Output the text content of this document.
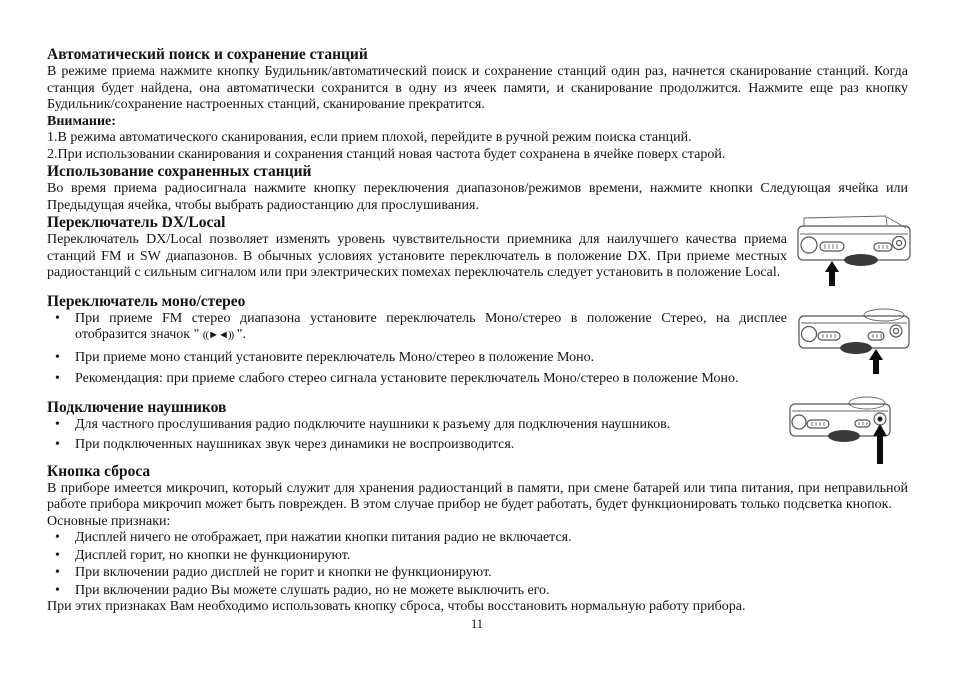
Автоматический поиск и сохранение станций

В режиме приема нажмите кнопку Будильник/автоматический поиск и сохранение станций один раз, начнется сканирование станций. Когда станция будет найдена, она автоматически сохранится в одну из ячеек памяти, и сканирование продолжится. Нажмите еще раз кнопку Будильник/сохранение настроенных станций, сканирование прекратится.

Внимание:

1.В режима автоматического сканирования, если прием плохой, перейдите в ручной режим поиска станций.

2.При использовании сканирования и сохранения станций новая частота будет сохранена в ячейке поверх старой.

Использование сохраненных станций

Во время приема радиосигнала нажмите кнопку переключения диапазонов/режимов времени, нажмите кнопки Следующая ячейка или Предыдущая ячейка, чтобы выбрать радиостанцию для прослушивания.

Переключатель DX/Local

Переключатель DX/Local позволяет изменять уровень чувствительности приемника для наилучшего качества приема станций FM и SW диапазонов. В обычных условиях установите переключатель в положение DX. При приеме местных радиостанций с сильным сигналом или при электрических помехах переключатель следует установить в положение Local.

Переключатель моно/стерео
•	При приеме FM стерео диапазона установите переключатель Моно/стерео в положение Стерео, на дисплее отобразится значок " ((►◄)) ".
•	При приеме моно станций установите переключатель Моно/стерео в положение Моно.
•	Рекомендация: при приеме слабого стерео сигнала установите переключатель Моно/стерео в положение Моно.
Подключение наушников
•	Для частного прослушивания радио подключите наушники к разъему для подключения наушников.
•	При подключенных наушниках звук через динамики не воспроизводится.
Кнопка сброса

В приборе имеется микрочип, который служит для хранения радиостанций в памяти, при смене батарей или типа питания, при неправильной работе прибора микрочип может быть поврежден. В этом случае прибор не будет работать, будет функционировать только подсветка кнопок.

Основные признаки:

•	Дисплей ничего не отображает, при нажатии кнопки питания радио не включается.
•	Дисплей горит, но кнопки не функционируют.
•	При включении радио дисплей не горит и кнопки не функционируют.
•	При включении радио Вы можете слушать радио, но не можете выключить его.

При этих признаках Вам необходимо использовать кнопку сброса, чтобы восстановить нормальную работу прибора.

11
